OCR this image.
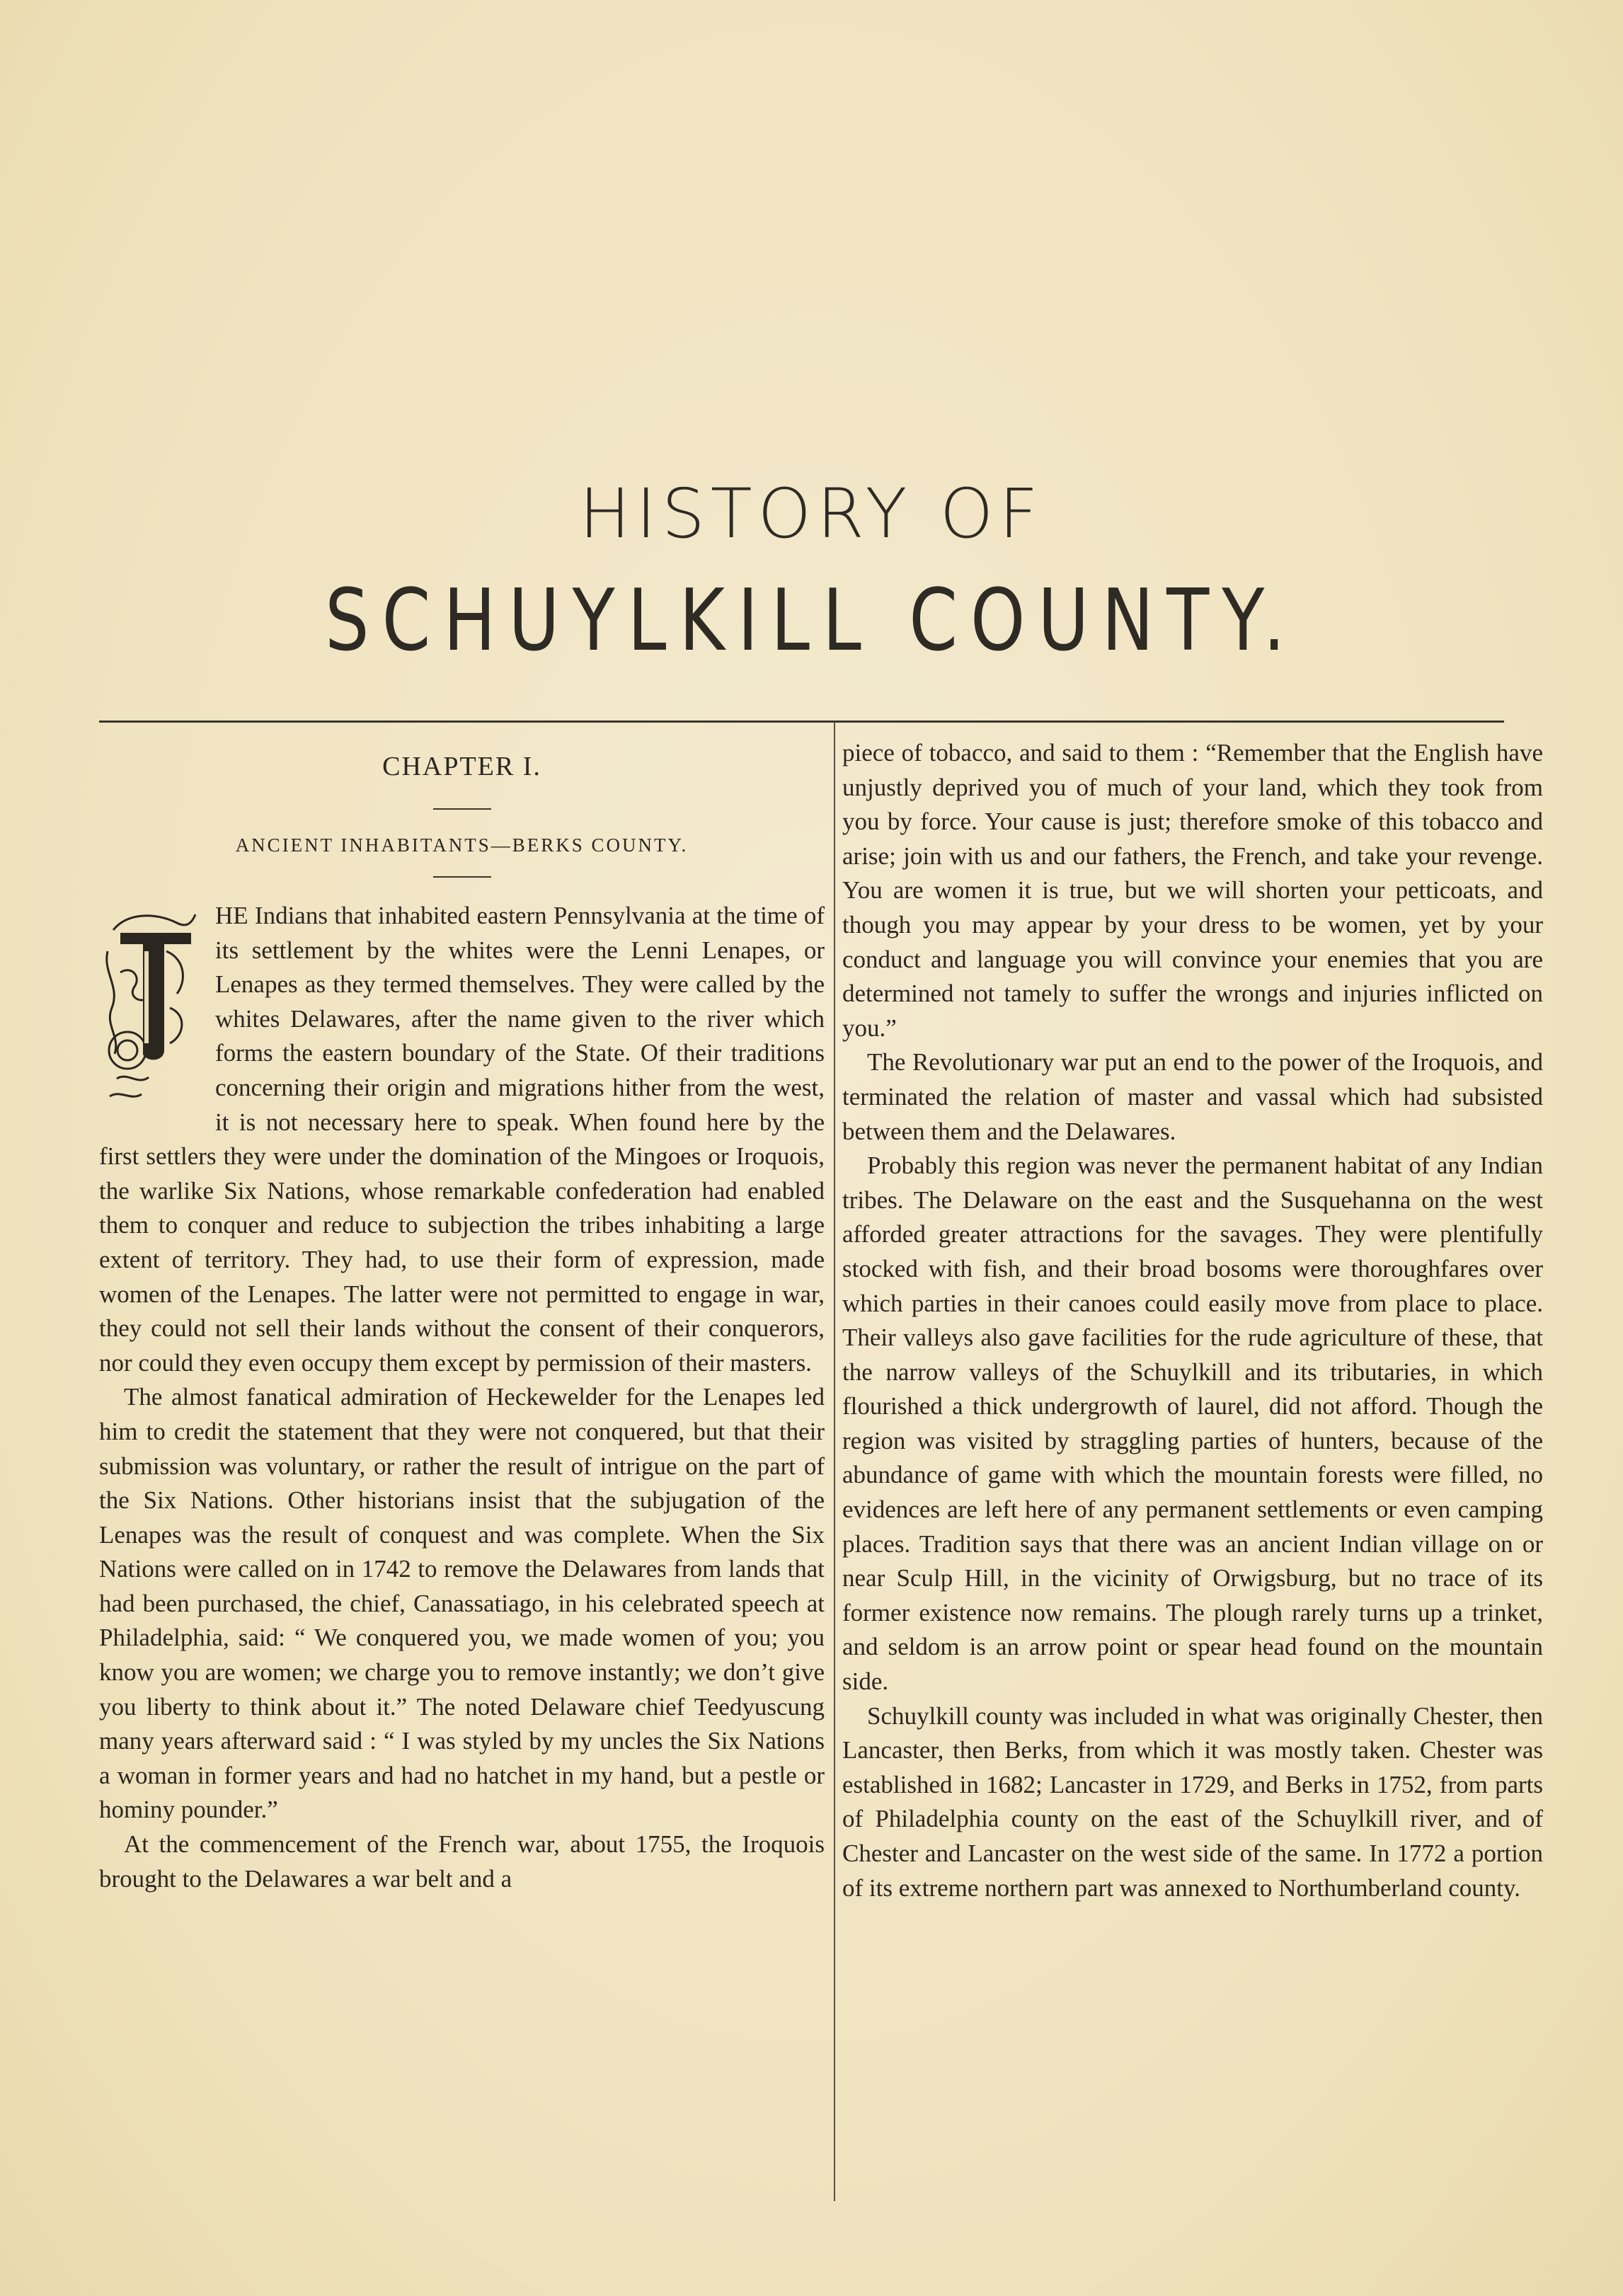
HISTORY OF
SCHUYLKILL COUNTY.
CHAPTER I.
ANCIENT INHABITANTS—BERKS COUNTY.

HE Indians that inhabited eastern Pennsylvania at the time of its settlement by the whites were the Lenni Lenapes, or Lenapes as they termed themselves. They were called by the whites Delawares, after the name given to the river which forms the eastern boundary of the State. Of their traditions concerning their origin and migrations hither from the west, it is not necessary here to speak. When found here by the first settlers they were under the domination of the Mingoes or Iroquois, the warlike Six Nations, whose remarkable confederation had enabled them to conquer and reduce to subjection the tribes inhabiting a large extent of territory. They had, to use their form of expression, made women of the Lenapes. The latter were not permitted to engage in war, they could not sell their lands without the consent of their conquerors, nor could they even occupy them except by permission of their masters.

The almost fanatical admiration of Heckewelder for the Lenapes led him to credit the statement that they were not conquered, but that their submission was voluntary, or rather the result of intrigue on the part of the Six Nations. Other historians insist that the subjugation of the Lenapes was the result of conquest and was complete. When the Six Nations were called on in 1742 to remove the Delawares from lands that had been purchased, the chief, Canassatiago, in his celebrated speech at Philadelphia, said: “ We conquered you, we made women of you; you know you are women; we charge you to remove instantly; we don’t give you liberty to think about it.” The noted Delaware chief Teedyuscung many years afterward said : “ I was styled by my uncles the Six Nations a woman in former years and had no hatchet in my hand, but a pestle or hominy pounder.”

At the commencement of the French war, about 1755, the Iroquois brought to the Delawares a war belt and a

piece of tobacco, and said to them : “Remember that the English have unjustly deprived you of much of your land, which they took from you by force. Your cause is just; therefore smoke of this tobacco and arise; join with us and our fathers, the French, and take your revenge. You are women it is true, but we will shorten your petticoats, and though you may appear by your dress to be women, yet by your conduct and language you will convince your enemies that you are determined not tamely to suffer the wrongs and injuries inflicted on you.”

The Revolutionary war put an end to the power of the Iroquois, and terminated the relation of master and vassal which had subsisted between them and the Delawares.

Probably this region was never the permanent habitat of any Indian tribes. The Delaware on the east and the Susquehanna on the west afforded greater attractions for the savages. They were plentifully stocked with fish, and their broad bosoms were thoroughfares over which parties in their canoes could easily move from place to place. Their valleys also gave facilities for the rude agriculture of these, that the narrow valleys of the Schuylkill and its tributaries, in which flourished a thick undergrowth of laurel, did not afford. Though the region was visited by straggling parties of hunters, because of the abundance of game with which the mountain forests were filled, no evidences are left here of any permanent settlements or even camping places. Tradition says that there was an ancient Indian village on or near Sculp Hill, in the vicinity of Orwigsburg, but no trace of its former existence now remains. The plough rarely turns up a trinket, and seldom is an arrow point or spear head found on the mountain side.

Schuylkill county was included in what was originally Chester, then Lancaster, then Berks, from which it was mostly taken. Chester was established in 1682; Lancaster in 1729, and Berks in 1752, from parts of Philadelphia county on the east of the Schuylkill river, and of Chester and Lancaster on the west side of the same. In 1772 a portion of its extreme northern part was annexed to Northumberland county.
